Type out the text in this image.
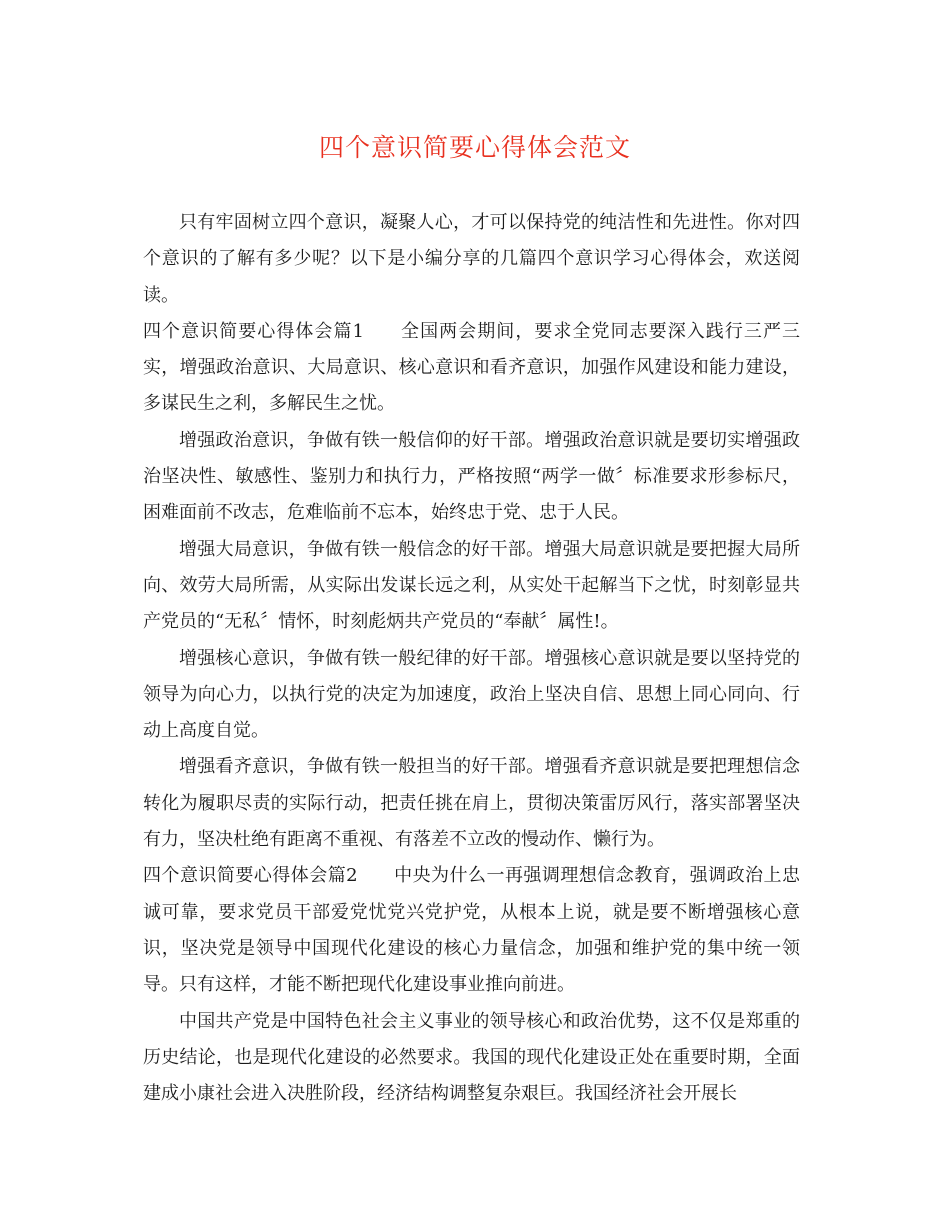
四个意识简要心得体会范文

只有牢固树立四个意识，凝聚人心，才可以保持党的纯洁性和先进性。你对四个意识的了解有多少呢？以下是小编分享的几篇四个意识学习心得体会，欢送阅读。

四个意识简要心得体会篇1 全国两会期间，要求全党同志要深入践行三严三实，增强政治意识、大局意识、核心意识和看齐意识，加强作风建设和能力建设，多谋民生之利，多解民生之忧。

增强政治意识，争做有铁一般信仰的好干部。增强政治意识就是要切实增强政治坚决性、敏感性、鉴别力和执行力，严格按照“两学一做〞标准要求形参标尺，困难面前不改志，危难临前不忘本，始终忠于党、忠于人民。

增强大局意识，争做有铁一般信念的好干部。增强大局意识就是要把握大局所向、效劳大局所需，从实际出发谋长远之利，从实处干起解当下之忧，时刻彰显共产党员的“无私〞情怀，时刻彪炳共产党员的“奉献〞属性!。

增强核心意识，争做有铁一般纪律的好干部。增强核心意识就是要以坚持党的领导为向心力，以执行党的决定为加速度，政治上坚决自信、思想上同心同向、行动上高度自觉。

增强看齐意识，争做有铁一般担当的好干部。增强看齐意识就是要把理想信念转化为履职尽责的实际行动，把责任挑在肩上，贯彻决策雷厉风行，落实部署坚决有力，坚决杜绝有距离不重视、有落差不立改的慢动作、懒行为。

四个意识简要心得体会篇2 中央为什么一再强调理想信念教育，强调政治上忠诚可靠，要求党员干部爱党忧党兴党护党，从根本上说，就是要不断增强核心意识，坚决党是领导中国现代化建设的核心力量信念，加强和维护党的集中统一领导。只有这样，才能不断把现代化建设事业推向前进。

中国共产党是中国特色社会主义事业的领导核心和政治优势，这不仅是郑重的历史结论，也是现代化建设的必然要求。我国的现代化建设正处在重要时期，全面建成小康社会进入决胜阶段，经济结构调整复杂艰巨。我国经济社会开展长
